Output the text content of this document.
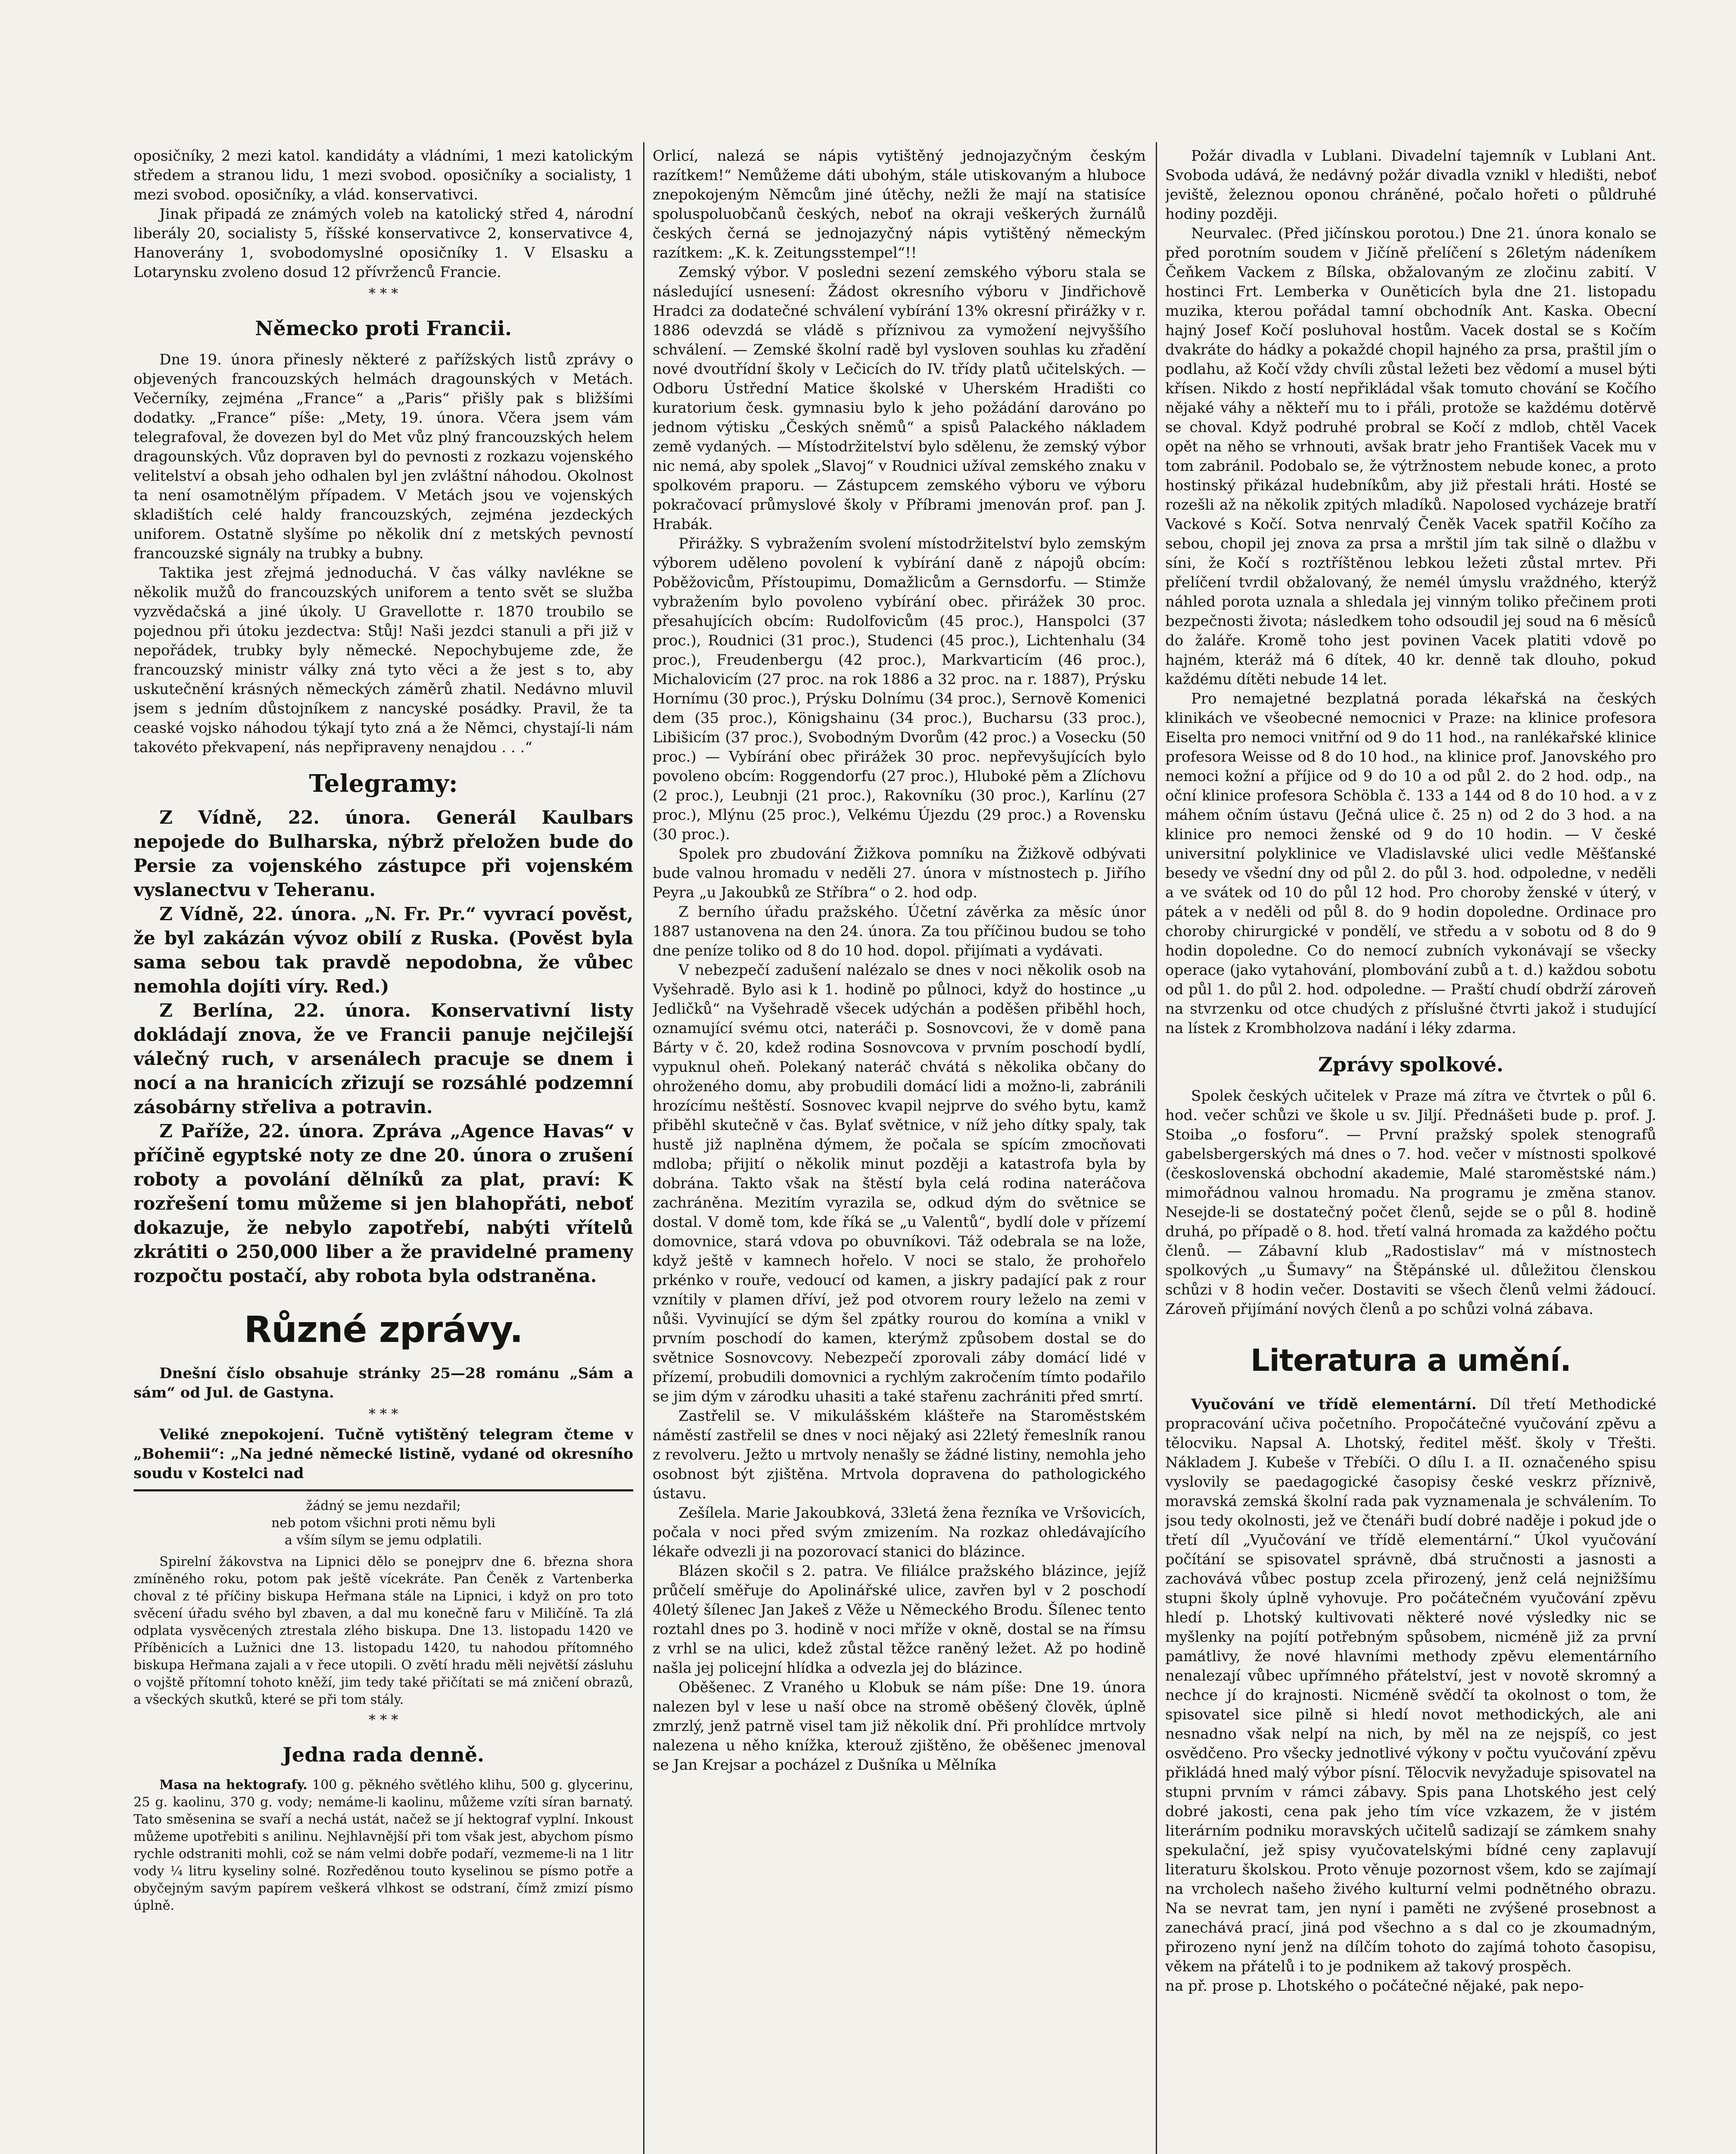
oposičníky, 2 mezi katol. kandidáty a vládními, 1 mezi katolickým středem a stranou lidu, 1 mezi svobod. oposičníky a socialisty, 1 mezi svobod. oposičníky, a vlád. konservativci.

Jinak připadá ze známých voleb na katolický střed 4, národní liberály 20, socialisty 5, říšské konservativce 2, konservativce 4, Hanoverány 1, svobodomyslné oposičníky 1. V Elsasku a Lotarynsku zvoleno dosud 12 přívrženců Francie.

* * *
Německo proti Francii.

Dne 19. února přinesly některé z pařížských listů zprávy o objevených francouzských helmách dragounských v Metách. Večerníky, zejména „France“ a „Paris“ přišly pak s bližšími dodatky. „France“ píše: „Mety, 19. února. Včera jsem vám telegrafoval, že dovezen byl do Met vůz plný francouzských helem dragounských. Vůz dopraven byl do pevnosti z rozkazu vojenského velitelství a obsah jeho odhalen byl jen zvláštní náhodou. Okolnost ta není osamotnělým případem. V Metách jsou ve vojenských skladištích celé haldy francouzských, zejména jezdeckých uniforem. Ostatně slyšíme po několik dní z metských pevností francouzské signály na trubky a bubny.

Taktika jest zřejmá jednoduchá. V čas války navlékne se několik mužů do francouzských uniforem a tento svět se služba vyzvědačská a jiné úkoly. U Gravellotte r. 1870 troubilo se pojednou při útoku jezdectva: Stůj! Naši jezdci stanuli a při již v nepořádek, trubky byly německé. Nepochybujeme zde, že francouzský ministr války zná tyto věci a že jest s to, aby uskutečnění krásných německých záměrů zhatil. Nedávno mluvil jsem s jedním důstojníkem z nancyské posádky. Pravil, že ta ceaské vojsko náhodou týkají tyto zná a že Němci, chystají-li nám takovéto překvapení, nás nepřipraveny nenajdou . . .“

Telegramy:

Z Vídně, 22. února. Generál Kaulbars nepojede do Bulharska, nýbrž přeložen bude do Persie za vojenského zástupce při vojenském vyslanectvu v Teheranu.

Z Vídně, 22. února. „N. Fr. Pr.“ vyvrací pověst, že byl zakázán vývoz obilí z Ruska. (Pověst byla sama sebou tak pravdě nepodobna, že vůbec nemohla dojíti víry. Red.)

Z Berlína, 22. února. Konservativní listy dokládají znova, že ve Francii panuje nejčilejší válečný ruch, v arsenálech pracuje se dnem i nocí a na hranicích zřizují se rozsáhlé podzemní zásobárny střeliva a potravin.

Z Paříže, 22. února. Zpráva „Agence Havas“ v příčině egyptské noty ze dne 20. února o zrušení roboty a povolání dělníků za plat, praví: K rozřešení tomu můžeme si jen blahopřáti, neboť dokazuje, že nebylo zapotřebí, nabýti vřítelů zkrátiti o 250,000 liber a že pravidelné prameny rozpočtu postačí, aby robota byla odstraněna.

Různé zprávy.

Dnešní číslo obsahuje stránky 25—28 románu „Sám a sám“ od Jul. de Gastyna.

* * *

Veliké znepokojení. Tučně vytištěný telegram čteme v „Bohemii“: „Na jedné německé listině, vydané od okresního soudu v Kostelci nad

žádný se jemu nezdařil;

neb potom všichni proti němu byli

a vším sílym se jemu odplatili.

Spirelní žákovstva na Lipnici dělo se ponejprv dne 6. března shora zmíněného roku, potom pak ještě vícekráte. Pan Čeněk z Vartenberka choval z té příčiny biskupa Heřmana stále na Lipnici, i když on pro toto svěcení úřadu svého byl zbaven, a dal mu konečně faru v Miličíně. Ta zlá odplata vysvěcených ztrestala zlého biskupa. Dne 13. listopadu 1420 ve Příběnicích a Lužnici dne 13. listopadu 1420, tu nahodou přítomného biskupa Heřmana zajali a v řece utopili. O zvětí hradu měli největší zásluhu o vojště přítomní tohoto kněží, jim tedy také přičítati se má zničení obrazů, a všeckých skutků, které se při tom stály.

* * *
Jedna rada denně.

Masa na hektografy. 100 g. pěkného světlého klihu, 500 g. glycerinu, 25 g. kaolinu, 370 g. vody; nemáme-li kaolinu, můžeme vzíti síran barnatý. Tato směsenina se svaří a nechá ustát, načež se jí hektograf vyplní. Inkoust můžeme upotřebiti s anilinu. Nejhlavnější při tom však jest, abychom písmo rychle odstraniti mohli, což se nám velmi dobře podaří, vezmeme-li na 1 litr vody ¼ litru kyseliny solné. Rozředěnou touto kyselinou se písmo potře a obyčejným savým papírem veškerá vlhkost se odstraní, čímž zmizí písmo úplně.

Orlicí, nalezá se nápis vytištěný jednojazyčným českým razítkem!“ Nemůžeme dáti ubohým, stále utiskovaným a hluboce znepokojeným Němcům jiné útěchy, nežli že mají na statisíce spoluspoluobčanů českých, neboť na okraji veškerých žurnálů českých černá se jednojazyčný nápis vytištěný německým razítkem: „K. k. Zeitungsstempel“!!

Zemský výbor. V posledni sezení zemského výboru stala se následující usnesení: Žádost okresního výboru v Jindřichově Hradci za dodatečné schválení vybírání 13% okresní přirážky v r. 1886 odevzdá se vládě s příznivou za vymožení nejvyššího schválení. — Zemské školní radě byl vysloven souhlas ku zřadění nové dvoutřídní školy v Lečicích do IV. třídy platů učitelských. — Odboru Ústřední Matice školské v Uherském Hradišti co kuratorium česk. gymnasiu bylo k jeho požádání darováno po jednom výtisku „Českých sněmů“ a spisů Palackého nákladem země vydaných. — Místodržitelství bylo sdělenu, že zemský výbor nic nemá, aby spolek „Slavoj“ v Roudnici užíval zemského znaku v spolkovém praporu. — Zástupcem zemského výboru ve výboru pokračovací průmyslové školy v Příbrami jmenován prof. pan J. Hrabák.

Přirážky. S vybražením svolení místodržitelství bylo zemským výborem uděleno povolení k vybírání daně z nápojů obcím: Poběžovicům, Přístoupimu, Domažlicům a Gernsdorfu. — Stimže vybražením bylo povoleno vybírání obec. přirážek 30 proc. přesahujících obcím: Rudolfovicům (45 proc.), Hanspolci (37 proc.), Roudnici (31 proc.), Studenci (45 proc.), Lichtenhalu (34 proc.), Freudenbergu (42 proc.), Markvarticím (46 proc.), Michalovicím (27 proc. na rok 1886 a 32 proc. na r. 1887), Prýsku Hornímu (30 proc.), Prýsku Dolnímu (34 proc.), Sernově Komenici dem (35 proc.), Königshainu (34 proc.), Bucharsu (33 proc.), Libišicím (37 proc.), Svobodným Dvorům (42 proc.) a Vosecku (50 proc.) — Vybírání obec přirážek 30 proc. nepřevyšujících bylo povoleno obcím: Roggendorfu (27 proc.), Hluboké pěm a Zlíchovu (2 proc.), Leubnji (21 proc.), Rakovníku (30 proc.), Karlínu (27 proc.), Mlýnu (25 proc.), Velkému Újezdu (29 proc.) a Rovensku (30 proc.).

Spolek pro zbudování Žižkova pomníku na Žižkově odbývati bude valnou hromadu v neděli 27. února v místnostech p. Jiřího Peyra „u Jakoubků ze Stříbra“ o 2. hod odp.

Z berního úřadu pražského. Účetní závěrka za měsíc únor 1887 ustanovena na den 24. února. Za tou příčinou budou se toho dne peníze toliko od 8 do 10 hod. dopol. přijímati a vydávati.

V nebezpečí zadušení nalézalo se dnes v noci několik osob na Vyšehradě. Bylo asi k 1. hodině po půlnoci, když do hostince „u Jedličků“ na Vyšehradě všecek udýchán a poděšen přiběhl hoch, oznamující svému otci, nateráči p. Sosnovcovi, že v domě pana Bárty v č. 20, kdež rodina Sosnovcova v prvním poschodí bydlí, vypuknul oheň. Polekaný nateráč chvátá s několika občany do ohroženého domu, aby probudili domácí lidi a možno-li, zabránili hrozícímu neštěstí. Sosnovec kvapil nejprve do svého bytu, kamž přiběhl skutečně v čas. Bylať světnice, v níž jeho dítky spaly, tak hustě již naplněna dýmem, že počala se spícím zmocňovati mdloba; přijití o několik minut později a katastrofa byla by dobrána. Takto však na štěstí byla celá rodina nateráčova zachráněna. Mezitím vyrazila se, odkud dým do světnice se dostal. V domě tom, kde říká se „u Valentů“, bydlí dole v přízemí domovnice, stará vdova po obuvníkovi. Táž odebrala se na lože, když ještě v kamnech hořelo. V noci se stalo, že prohořelo prkénko v rouře, vedoucí od kamen, a jiskry padající pak z rour vznítily v plamen dříví, jež pod otvorem roury leželo na zemi v nůši. Vyvinující se dým šel zpátky rourou do komína a vnikl v prvním poschodí do kamen, kterýmž způsobem dostal se do světnice Sosnovcovy. Nebezpečí zporovali záby domácí lidé v přízemí, probudili domovnici a rychlým zakročením tímto podařilo se jim dým v zárodku uhasiti a také stařenu zachrániti před smrtí.

Zastřelil se. V mikulášském klášteře na Staroměstském náměstí zastřelil se dnes v noci nějaký asi 22letý řemeslník ranou z revolveru. Ježto u mrtvoly nenašly se žádné listiny, nemohla jeho osobnost být zjištěna. Mrtvola dopravena do pathologického ústavu.

Zešílela. Marie Jakoubková, 33letá žena řezníka ve Vršovicích, počala v noci před svým zmizením. Na rozkaz ohledávajícího lékaře odvezli ji na pozorovací stanici do blázince.

Blázen skočil s 2. patra. Ve filiálce pražského blázince, jejíž průčelí směřuje do Apolinářské ulice, zavřen byl v 2 poschodí 40letý šílenec Jan Jakeš z Věže u Německého Brodu. Šílenec tento roztahl dnes po 3. hodině v noci mříže v okně, dostal se na římsu z vrhl se na ulici, kdež zůstal těžce raněný ležet. Až po hodině našla jej policejní hlídka a odvezla jej do blázince.

Oběšenec. Z Vraného u Klobuk se nám píše: Dne 19. února nalezen byl v lese u naší obce na stromě oběšený člověk, úplně zmrzlý, jenž patrně visel tam již několik dní. Při prohlídce mrtvoly nalezena u něho knížka, kterouž zjištěno, že oběšenec jmenoval se Jan Krejsar a pocházel z Dušníka u Mělníka

Požár divadla v Lublani. Divadelní tajemník v Lublani Ant. Svoboda udává, že nedávný požár divadla vznikl v hledišti, neboť jeviště, železnou oponou chráněné, počalo hořeti o půldruhé hodiny později.

Neurvalec. (Před jičínskou porotou.) Dne 21. února konalo se před porotním soudem v Jičíně přelíčení s 26letým nádeníkem Čeňkem Vackem z Bílska, obžalovaným ze zločinu zabití. V hostinci Frt. Lemberka v Ouněticích byla dne 21. listopadu muzika, kterou pořádal tamní obchodník Ant. Kaska. Obecní hajný Josef Kočí posluhoval hostům. Vacek dostal se s Kočím dvakráte do hádky a pokaždé chopil hajného za prsa, praštil jím o podlahu, až Kočí vždy chvíli zůstal ležeti bez vědomí a musel býti křísen. Nikdo z hostí nepřikládal však tomuto chování se Kočího nějaké váhy a někteří mu to i přáli, protože se každému dotěrvě se choval. Když podruhé probral se Kočí z mdlob, chtěl Vacek opět na něho se vrhnouti, avšak bratr jeho František Vacek mu v tom zabránil. Podobalo se, že výtržnostem nebude konec, a proto hostinský přikázal hudebníkům, aby již přestali hráti. Hosté se rozešli až na několik zpitých mladíků. Napolosed vycházeje bratří Vackové s Kočí. Sotva nenrvalý Čeněk Vacek spatřil Kočího za sebou, chopil jej znova za prsa a mrštil jím tak silně o dlažbu v síni, že Kočí s roztříštěnou lebkou ležeti zůstal mrtev. Při přelíčení tvrdil obžalovaný, že nemél úmyslu vraždného, kterýž náhled porota uznala a shledala jej vinným toliko přečinem proti bezpečnosti života; následkem toho odsoudil jej soud na 6 měsíců do žaláře. Kromě toho jest povinen Vacek platiti vdově po hajném, kteráž má 6 dítek, 40 kr. denně tak dlouho, pokud každému dítěti nebude 14 let.

Pro nemajetné bezplatná porada lékařská na českých klinikách ve všeobecné nemocnici v Praze: na klinice profesora Eiselta pro nemoci vnitřní od 9 do 11 hod., na ranlékařské klinice profesora Weisse od 8 do 10 hod., na klinice prof. Janovského pro nemoci kožní a příjice od 9 do 10 a od půl 2. do 2 hod. odp., na oční klinice profesora Schöbla č. 133 a 144 od 8 do 10 hod. a v z máhem očním ústavu (Ječná ulice č. 25 n) od 2 do 3 hod. a na klinice pro nemoci ženské od 9 do 10 hodin. — V české universitní polyklinice ve Vladislavské ulici vedle Měšťanské besedy ve všední dny od půl 2. do půl 3. hod. odpoledne, v neděli a ve svátek od 10 do půl 12 hod. Pro choroby ženské v úterý, v pátek a v neděli od půl 8. do 9 hodin dopoledne. Ordinace pro choroby chirurgické v pondělí, ve středu a v sobotu od 8 do 9 hodin dopoledne. Co do nemocí zubních vykonávají se všecky operace (jako vytahování, plombování zubů a t. d.) každou sobotu od půl 1. do půl 2. hod. odpoledne. — Praští chudí obdrží zároveň na stvrzenku od otce chudých z příslušné čtvrti jakož i studující na lístek z Krombholzova nadání i léky zdarma.

Zprávy spolkové.

Spolek českých učitelek v Praze má zítra ve čtvrtek o půl 6. hod. večer schůzi ve škole u sv. Jiljí. Přednášeti bude p. prof. J. Stoiba „o fosforu“. — První pražský spolek stenografů gabelsbergerských má dnes o 7. hod. večer v místnosti spolkové (československá obchodní akademie, Malé staroměstské nám.) mimořádnou valnou hromadu. Na programu je změna stanov. Nesejde-li se dostatečný počet členů, sejde se o půl 8. hodině druhá, po případě o 8. hod. třetí valná hromada za každého počtu členů. — Zábavní klub „Radostislav“ má v místnostech spolkových „u Šumavy“ na Štěpánské ul. důležitou členskou schůzi v 8 hodin večer. Dostaviti se všech členů velmi žádoucí. Zároveň přijímání nových členů a po schůzi volná zábava.

Literatura a umění.

Vyučování ve třídě elementární. Díl třetí Methodické propracování učiva početního. Propočátečné vyučování zpěvu a tělocviku. Napsal A. Lhotský, ředitel měšť. školy v Třešti. Nákladem J. Kubeše v Třebíči. O dílu I. a II. označeného spisu vyslovily se paedagogické časopisy české veskrz příznivě, moravská zemská školní rada pak vyznamenala je schválením. To jsou tedy okolnosti, jež ve čtenáři budí dobré naděje i pokud jde o třetí díl „Vyučování ve třídě elementární.“ Úkol vyučování počítání se spisovatel správně, dbá stručnosti a jasnosti a zachovává vůbec postup zcela přirozený, jenž celá nejnižšímu stupni školy úplně vyhovuje. Pro počátečném vyučování zpěvu hledí p. Lhotský kultivovati některé nové výsledky nic se myšlenky na pojítí potřebným spůsobem, nicméně již za první památlivy, že nové hlavními methody zpěvu elementárního nenalezají vůbec upřímného přátelství, jest v novotě skromný a nechce jí do krajnosti. Nicméně svědčí ta okolnost o tom, že spisovatel sice pilně si hledí novot methodických, ale ani nesnadno však nelpí na nich, by měl na ze nejspíš, co jest osvědčeno. Pro všecky jednotlivé výkony v počtu vyučování zpěvu přikládá hned malý výbor písní. Tělocvik nevyžaduje spisovatel na stupni prvním v rámci zábavy. Spis pana Lhotského jest celý dobré jakosti, cena pak jeho tím více vzkazem, že v jistém literárním podniku moravských učitelů sadizají se zámkem snahy spekulační, jež spisy vyučovatelskými bídné ceny zaplavují literaturu školskou. Proto věnuje pozornost všem, kdo se zajímají na vrcholech našeho živého kulturní velmi podnětného obrazu. Na se nevrat tam, jen nyní i paměti ne zvýšené prosebnost a zanechává prací, jiná pod všechno a s dal co je zkoumadným, přirozeno nyní jenž na dílčím tohoto do zajímá tohoto časopisu, věkem na přátelů i to je podnikem až takový prospěch.

na př. prose p. Lhotského o počátečné nějaké, pak nepo-
